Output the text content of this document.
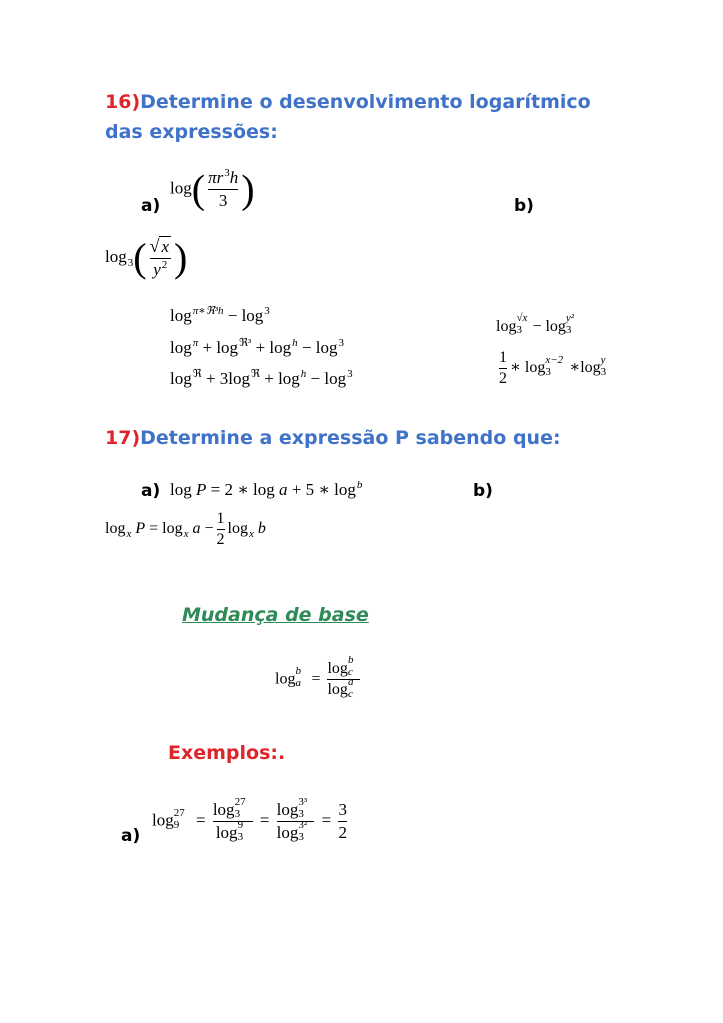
16)Determine o desenvolvimento logarítmico
das expressões:
a)
$\log( \frac{\pi r^3h}{3}$ )	b)
$\log_3( \frac{√ x}{y^2}$ )
$\log^{\pi∗ℜ^3h} - \log^3$
$\log^\pi + \log^{ℜ^3} + \log^h - \log^3$
$\log^ℜ + 3\log^ℜ + \log^h - \log^3$
log √x
3 − log y²
3
$\frac{1}{2}$ ∗ log x−2
3 ∗log y
3
17)Determine a expressão P sabendo que:
a) log P = 2 ∗ log a + 5 ∗ $\log^b$	b)
$\log_x P = \log_x a - \frac{1}{2} \log_x b$
Mudança de base
log b
a = log b
c
log a
c
Exemplos:.
a)
log 27
9 = log 27
3
log 9
3 = log 3³
3
log 3²
$3 = \frac{3}{2}$
